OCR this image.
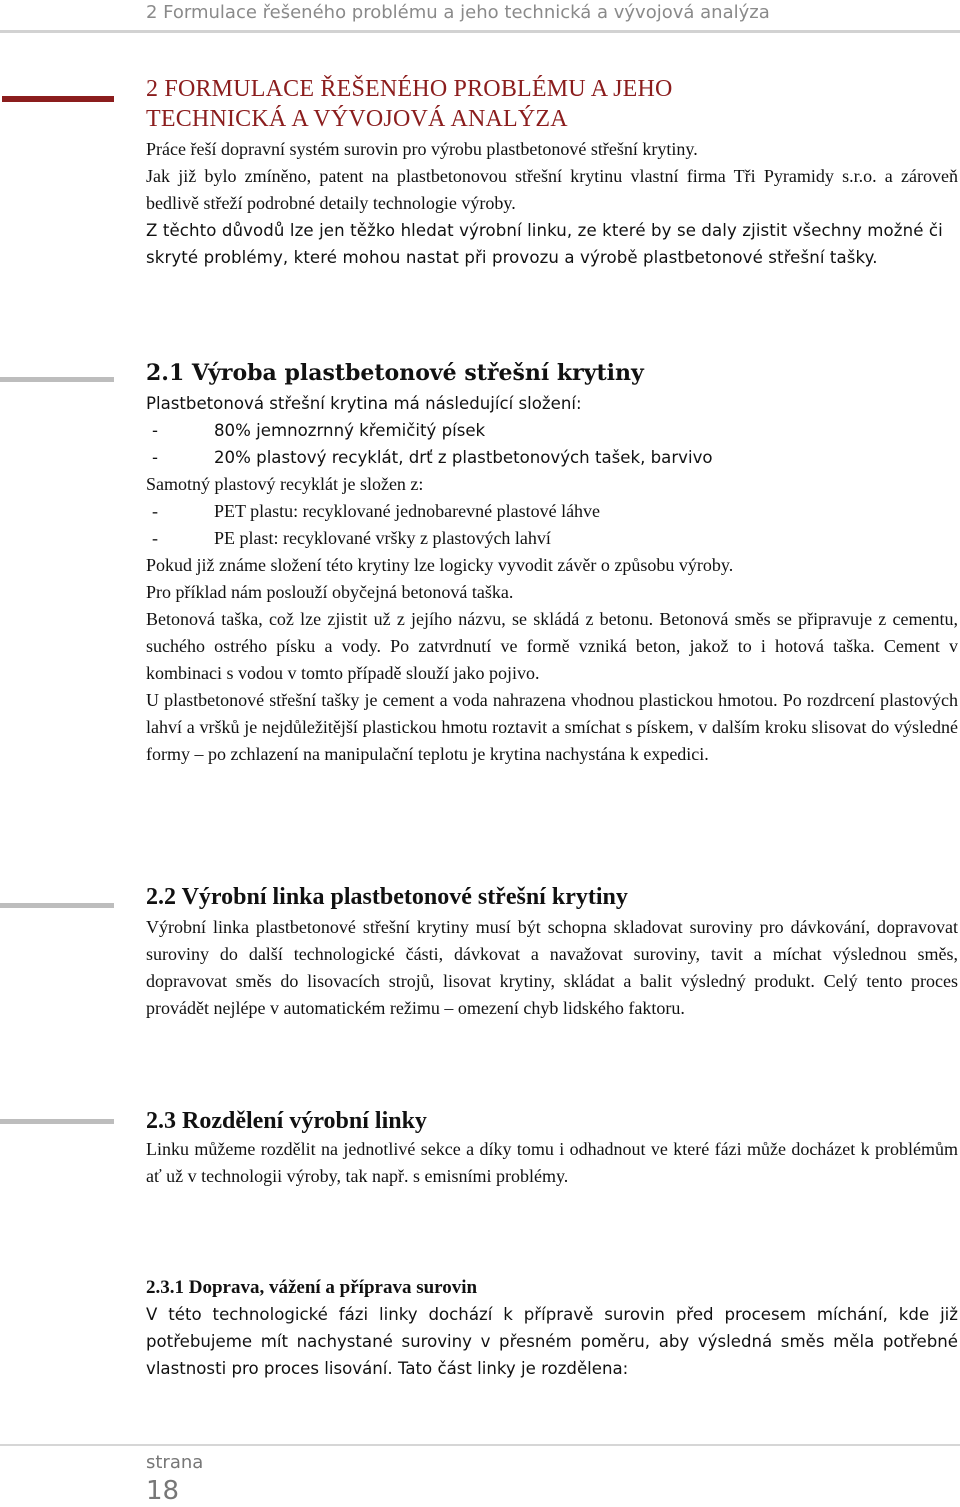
2 Formulace řešeného problému a jeho technická a vývojová analýza
2 FORMULACE ŘEŠENÉHO PROBLÉMU A JEHO
TECHNICKÁ A VÝVOJOVÁ ANALÝZA

Práce řeší dopravní systém surovin pro výrobu plastbetonové střešní krytiny.

Jak již bylo zmíněno, patent na plastbetonovou střešní krytinu vlastní firma Tři Pyramidy s.r.o. a zároveň bedlivě střeží podrobné detaily technologie výroby.

Z těchto důvodů lze jen těžko hledat výrobní linku, ze které by se daly zjistit všechny možné či skryté problémy, které mohou nastat při provozu a výrobě plastbetonové střešní tašky.

2.1 Výroba plastbetonové střešní krytiny

Plastbetonová střešní krytina má následující složení:

-	80% jemnozrnný křemičitý písek
-	20% plastový recyklát, drť z plastbetonových tašek, barvivo

Samotný plastový recyklát je složen z:

-	PET plastu: recyklované jednobarevné plastové láhve
-	PE plast: recyklované vršky z plastových lahví

Pokud již známe složení této krytiny lze logicky vyvodit závěr o způsobu výroby.

Pro příklad nám poslouží obyčejná betonová taška.

Betonová taška, což lze zjistit už z jejího názvu, se skládá z betonu. Betonová směs se připravuje z cementu, suchého ostrého písku a vody. Po zatvrdnutí ve formě vzniká beton, jakož to i hotová taška. Cement v kombinaci s vodou v tomto případě slouží jako pojivo.

U plastbetonové střešní tašky je cement a voda nahrazena vhodnou plastickou hmotou. Po rozdrcení plastových lahví a vršků je nejdůležitější plastickou hmotu roztavit a smíchat s pískem, v dalším kroku slisovat do výsledné formy – po zchlazení na manipulační teplotu je krytina nachystána k expedici.

2.2 Výrobní linka plastbetonové střešní krytiny

Výrobní linka plastbetonové střešní krytiny musí být schopna skladovat suroviny pro dávkování, dopravovat suroviny do další technologické části, dávkovat a navažovat suroviny, tavit a míchat výslednou směs, dopravovat směs do lisovacích strojů, lisovat krytiny, skládat a balit výsledný produkt. Celý tento proces provádět nejlépe v automatickém režimu – omezení chyb lidského faktoru.

2.3 Rozdělení výrobní linky

Linku můžeme rozdělit na jednotlivé sekce a díky tomu i odhadnout ve které fázi může docházet k problémům ať už v technologii výroby, tak např. s emisními problémy.

2.3.1 Doprava, vážení a příprava surovin

V této technologické fázi linky dochází k přípravě surovin před procesem míchání, kde již potřebujeme mít nachystané suroviny v přesném poměru, aby výsledná směs měla potřebné vlastnosti pro proces lisování. Tato část linky je rozdělena:

strana
18
